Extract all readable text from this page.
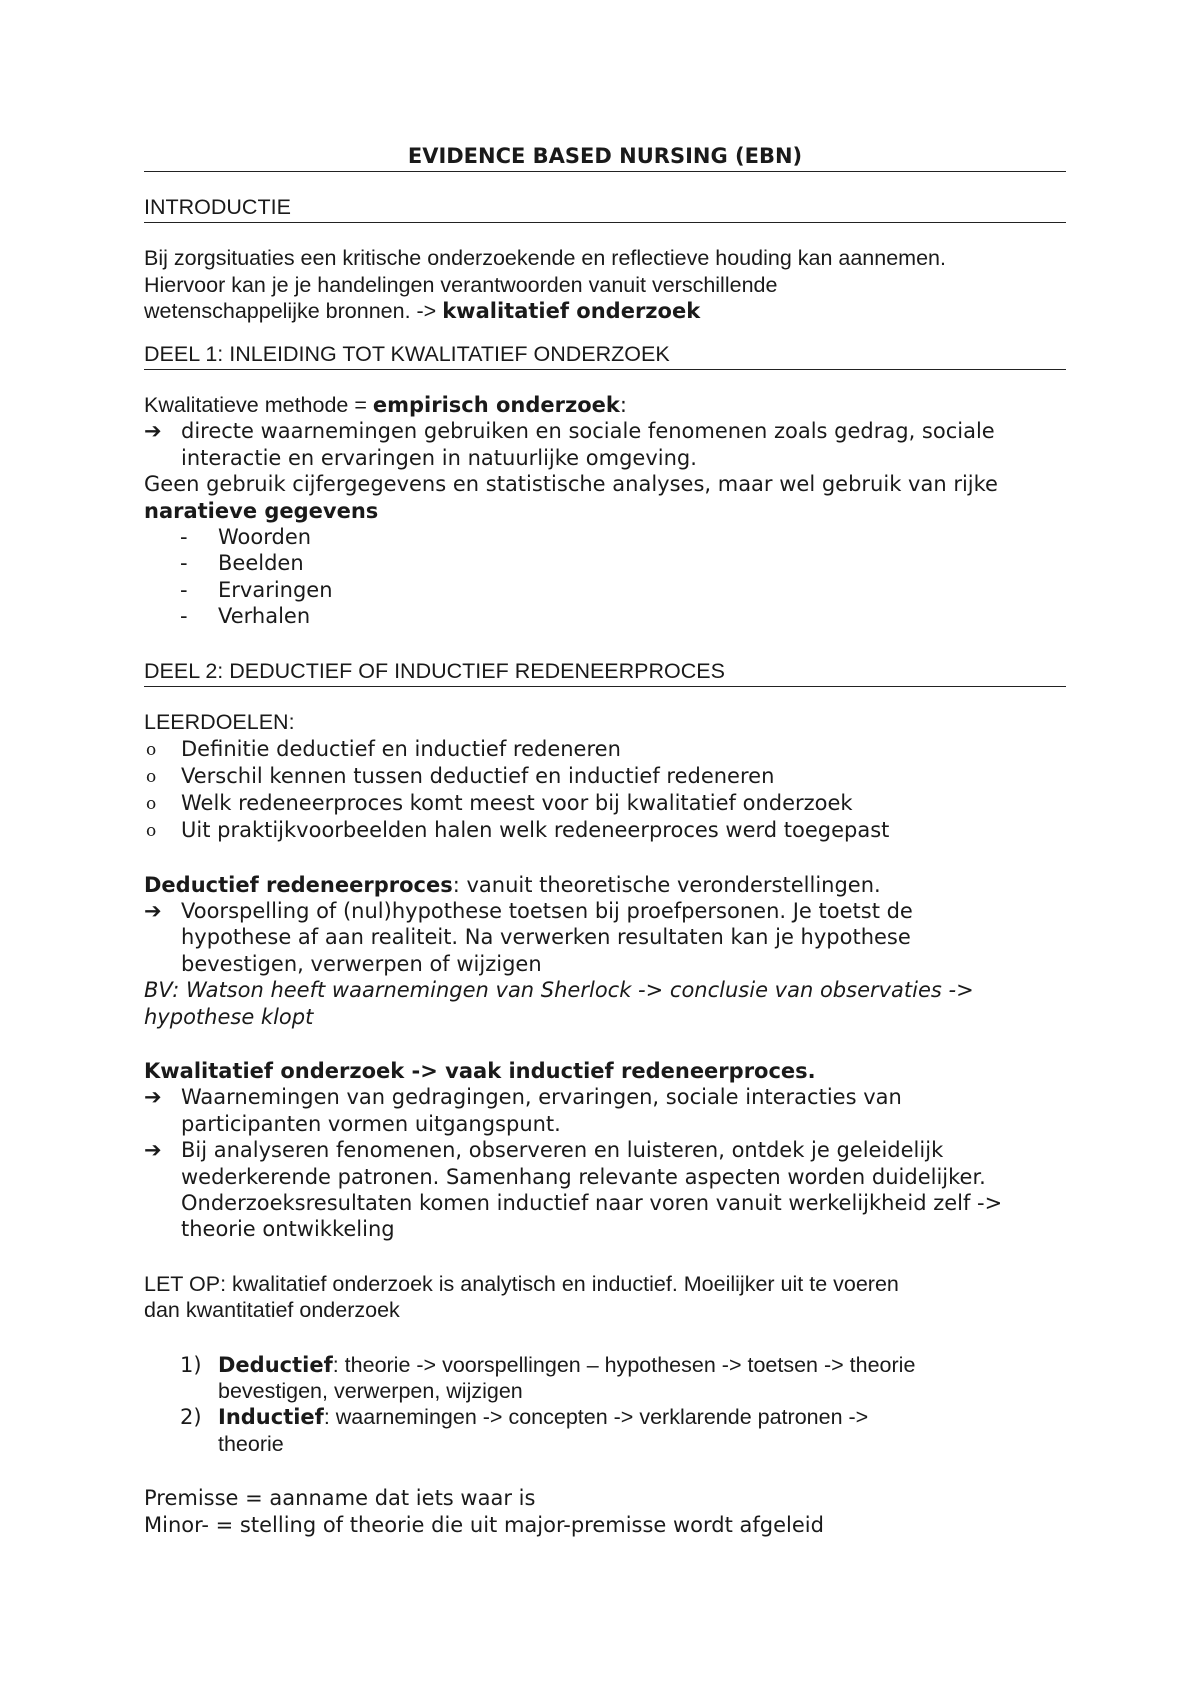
EVIDENCE BASED NURSING (EBN)
INTRODUCTIE
Bij zorgsituaties een kritische onderzoekende en reflectieve houding kan aannemen.
Hiervoor kan je je handelingen verantwoorden vanuit verschillende
wetenschappelijke bronnen. -> kwalitatief onderzoek
DEEL 1: INLEIDING TOT KWALITATIEF ONDERZOEK
Kwalitatieve methode = empirisch onderzoek:
➔ directe waarnemingen gebruiken en sociale fenomenen zoals gedrag, sociale
interactie en ervaringen in natuurlijke omgeving.
Geen gebruik cijfergegevens en statistische analyses, maar wel gebruik van rijke
naratieve gegevens
- Woorden
- Beelden
- Ervaringen
- Verhalen
DEEL 2: DEDUCTIEF OF INDUCTIEF REDENEERPROCES
LEERDOELEN:
o Definitie deductief en inductief redeneren
o Verschil kennen tussen deductief en inductief redeneren
o Welk redeneerproces komt meest voor bij kwalitatief onderzoek
o Uit praktijkvoorbeelden halen welk redeneerproces werd toegepast
Deductief redeneerproces: vanuit theoretische veronderstellingen.
➔ Voorspelling of (nul)hypothese toetsen bij proefpersonen. Je toetst de
hypothese af aan realiteit. Na verwerken resultaten kan je hypothese
bevestigen, verwerpen of wijzigen
BV: Watson heeft waarnemingen van Sherlock -> conclusie van observaties ->
hypothese klopt
Kwalitatief onderzoek -> vaak inductief redeneerproces.
➔ Waarnemingen van gedragingen, ervaringen, sociale interacties van
participanten vormen uitgangspunt.
➔ Bij analyseren fenomenen, observeren en luisteren, ontdek je geleidelijk
wederkerende patronen. Samenhang relevante aspecten worden duidelijker.
Onderzoeksresultaten komen inductief naar voren vanuit werkelijkheid zelf ->
theorie ontwikkeling
LET OP: kwalitatief onderzoek is analytisch en inductief. Moeilijker uit te voeren
dan kwantitatief onderzoek
1) Deductief: theorie -> voorspellingen – hypothesen -> toetsen -> theorie
bevestigen, verwerpen, wijzigen
2) Inductief: waarnemingen -> concepten -> verklarende patronen ->
theorie
Premisse = aanname dat iets waar is
Minor- = stelling of theorie die uit major-premisse wordt afgeleid
